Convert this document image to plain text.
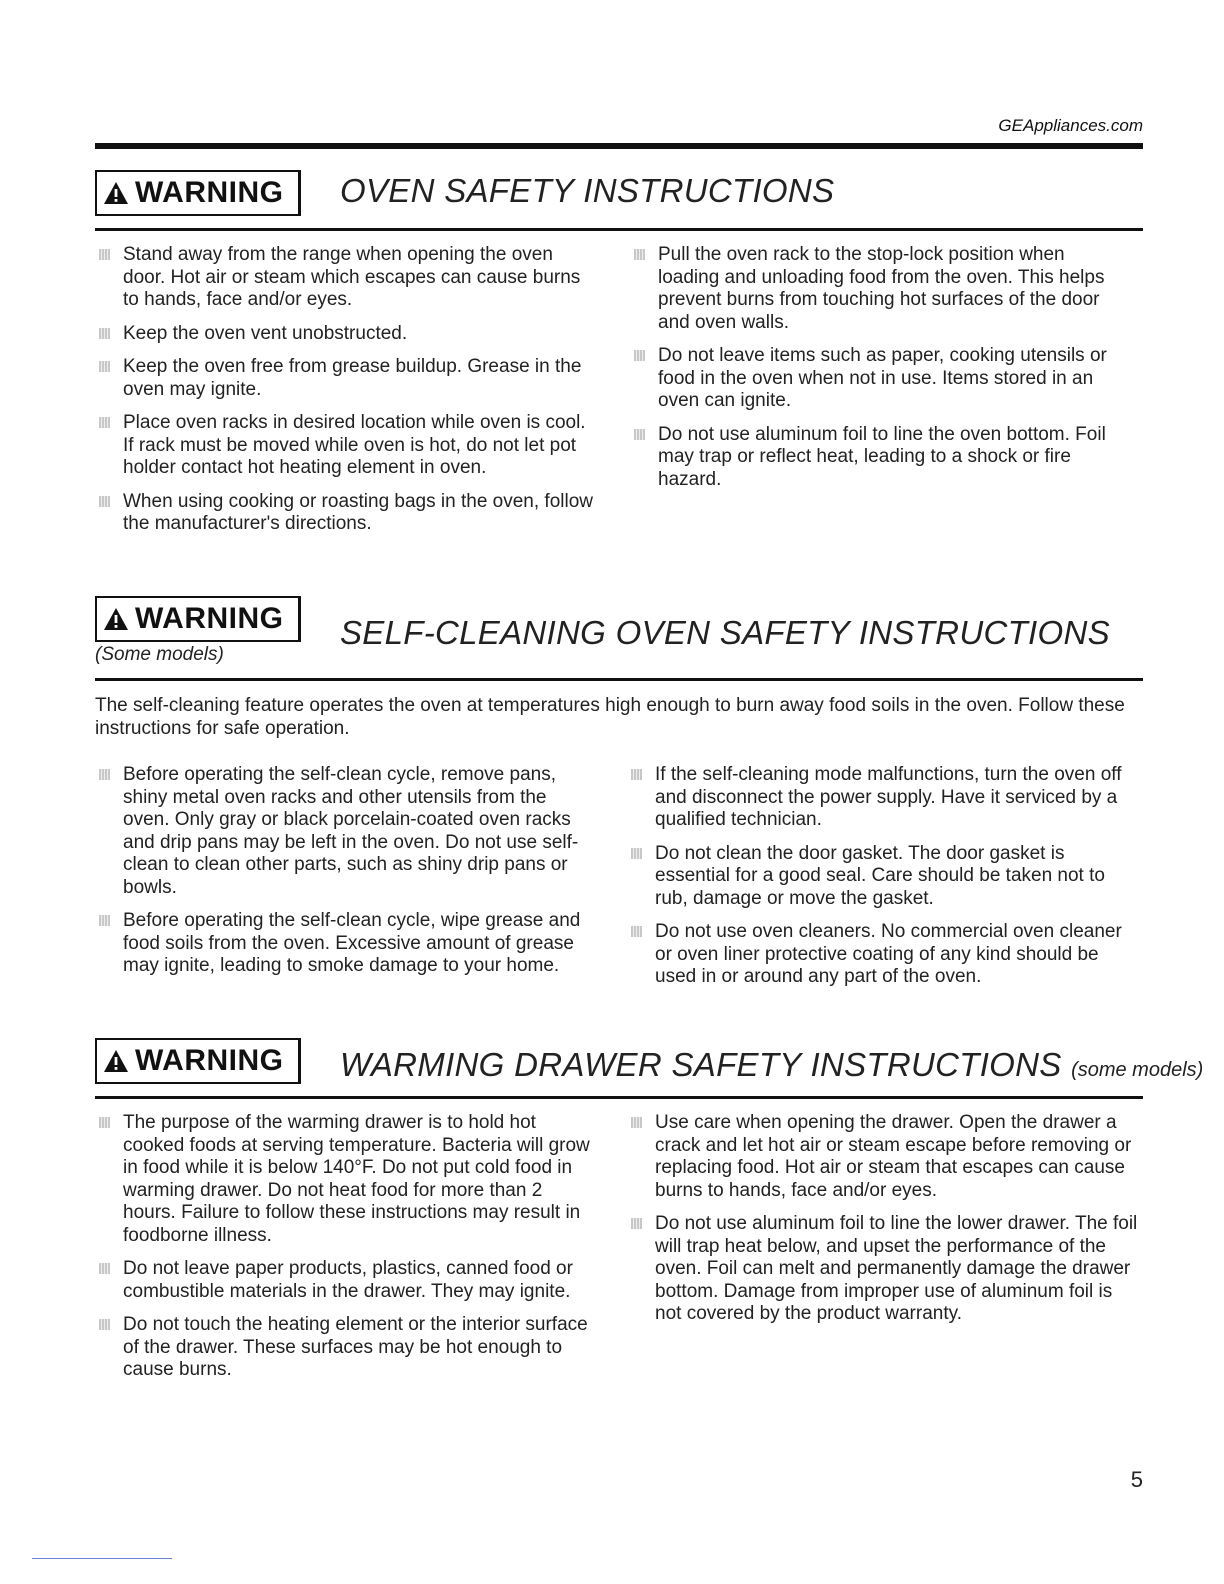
GEAppliances.com
WARNING OVEN SAFETY INSTRUCTIONS
Stand away from the range when opening the oven door. Hot air or steam which escapes can cause burns to hands, face and/or eyes.
Keep the oven vent unobstructed.
Keep the oven free from grease buildup. Grease in the oven may ignite.
Place oven racks in desired location while oven is cool. If rack must be moved while oven is hot, do not let pot holder contact hot heating element in oven.
When using cooking or roasting bags in the oven, follow the manufacturer's directions.
Pull the oven rack to the stop-lock position when loading and unloading food from the oven. This helps prevent burns from touching hot surfaces of the door and oven walls.
Do not leave items such as paper, cooking utensils or food in the oven when not in use. Items stored in an oven can ignite.
Do not use aluminum foil to line the oven bottom. Foil may trap or reflect heat, leading to a shock or fire hazard.
WARNING SELF-CLEANING OVEN SAFETY INSTRUCTIONS
(Some models)
The self-cleaning feature operates the oven at temperatures high enough to burn away food soils in the oven. Follow these instructions for safe operation.
Before operating the self-clean cycle, remove pans, shiny metal oven racks and other utensils from the oven. Only gray or black porcelain-coated oven racks and drip pans may be left in the oven. Do not use self-clean to clean other parts, such as shiny drip pans or bowls.
Before operating the self-clean cycle, wipe grease and food soils from the oven. Excessive amount of grease may ignite, leading to smoke damage to your home.
If the self-cleaning mode malfunctions, turn the oven off and disconnect the power supply. Have it serviced by a qualified technician.
Do not clean the door gasket. The door gasket is essential for a good seal. Care should be taken not to rub, damage or move the gasket.
Do not use oven cleaners. No commercial oven cleaner or oven liner protective coating of any kind should be used in or around any part of the oven.
WARNING WARMING DRAWER SAFETY INSTRUCTIONS (some models)
The purpose of the warming drawer is to hold hot cooked foods at serving temperature. Bacteria will grow in food while it is below 140°F. Do not put cold food in warming drawer. Do not heat food for more than 2 hours. Failure to follow these instructions may result in foodborne illness.
Do not leave paper products, plastics, canned food or combustible materials in the drawer. They may ignite.
Do not touch the heating element or the interior surface of the drawer. These surfaces may be hot enough to cause burns.
Use care when opening the drawer. Open the drawer a crack and let hot air or steam escape before removing or replacing food. Hot air or steam that escapes can cause burns to hands, face and/or eyes.
Do not use aluminum foil to line the lower drawer. The foil will trap heat below, and upset the performance of the oven. Foil can melt and permanently damage the drawer bottom. Damage from improper use of aluminum foil is not covered by the product warranty.
5
